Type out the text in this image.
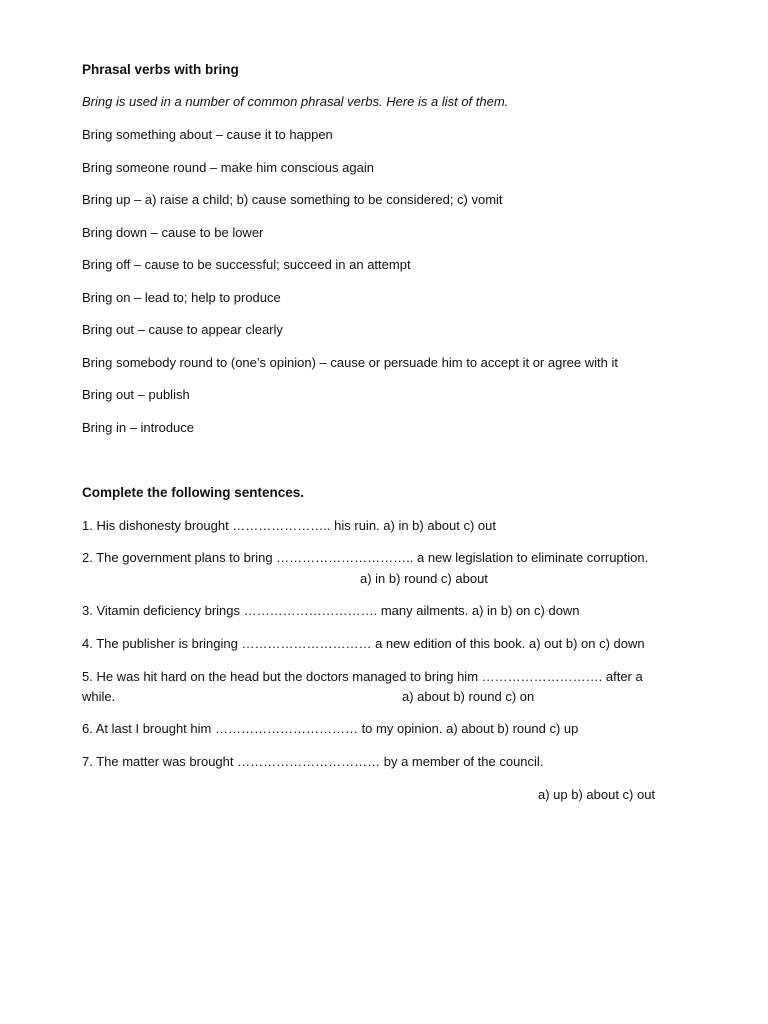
Phrasal verbs with bring
Bring is used in a number of common phrasal verbs. Here is a list of them.
Bring something about – cause it to happen
Bring someone round – make him conscious again
Bring up – a) raise a child; b) cause something to be considered; c) vomit
Bring down – cause to be lower
Bring off – cause to be successful; succeed in an attempt
Bring on – lead to; help to produce
Bring out – cause to appear clearly
Bring somebody round to (one’s opinion) – cause or persuade him to accept it or agree with it
Bring out – publish
Bring in – introduce
Complete the following sentences.
1. His dishonesty brought ………………….. his ruin. a) in b) about c) out
2. The government plans to bring ………………………….. a new legislation to eliminate corruption.
a) in b) round c) about
3. Vitamin deficiency brings …………………………. many ailments. a) in b) on c) down
4. The publisher is bringing ………………………… a new edition of this book. a) out b) on c) down
5. He was hit hard on the head but the doctors managed to bring him ………………………. after a
while.	a) about b) round c) on
6. At last I brought him …………………………… to my opinion. a) about b) round c) up
7. The matter was brought …………………………… by a member of the council.
a) up b) about c) out
